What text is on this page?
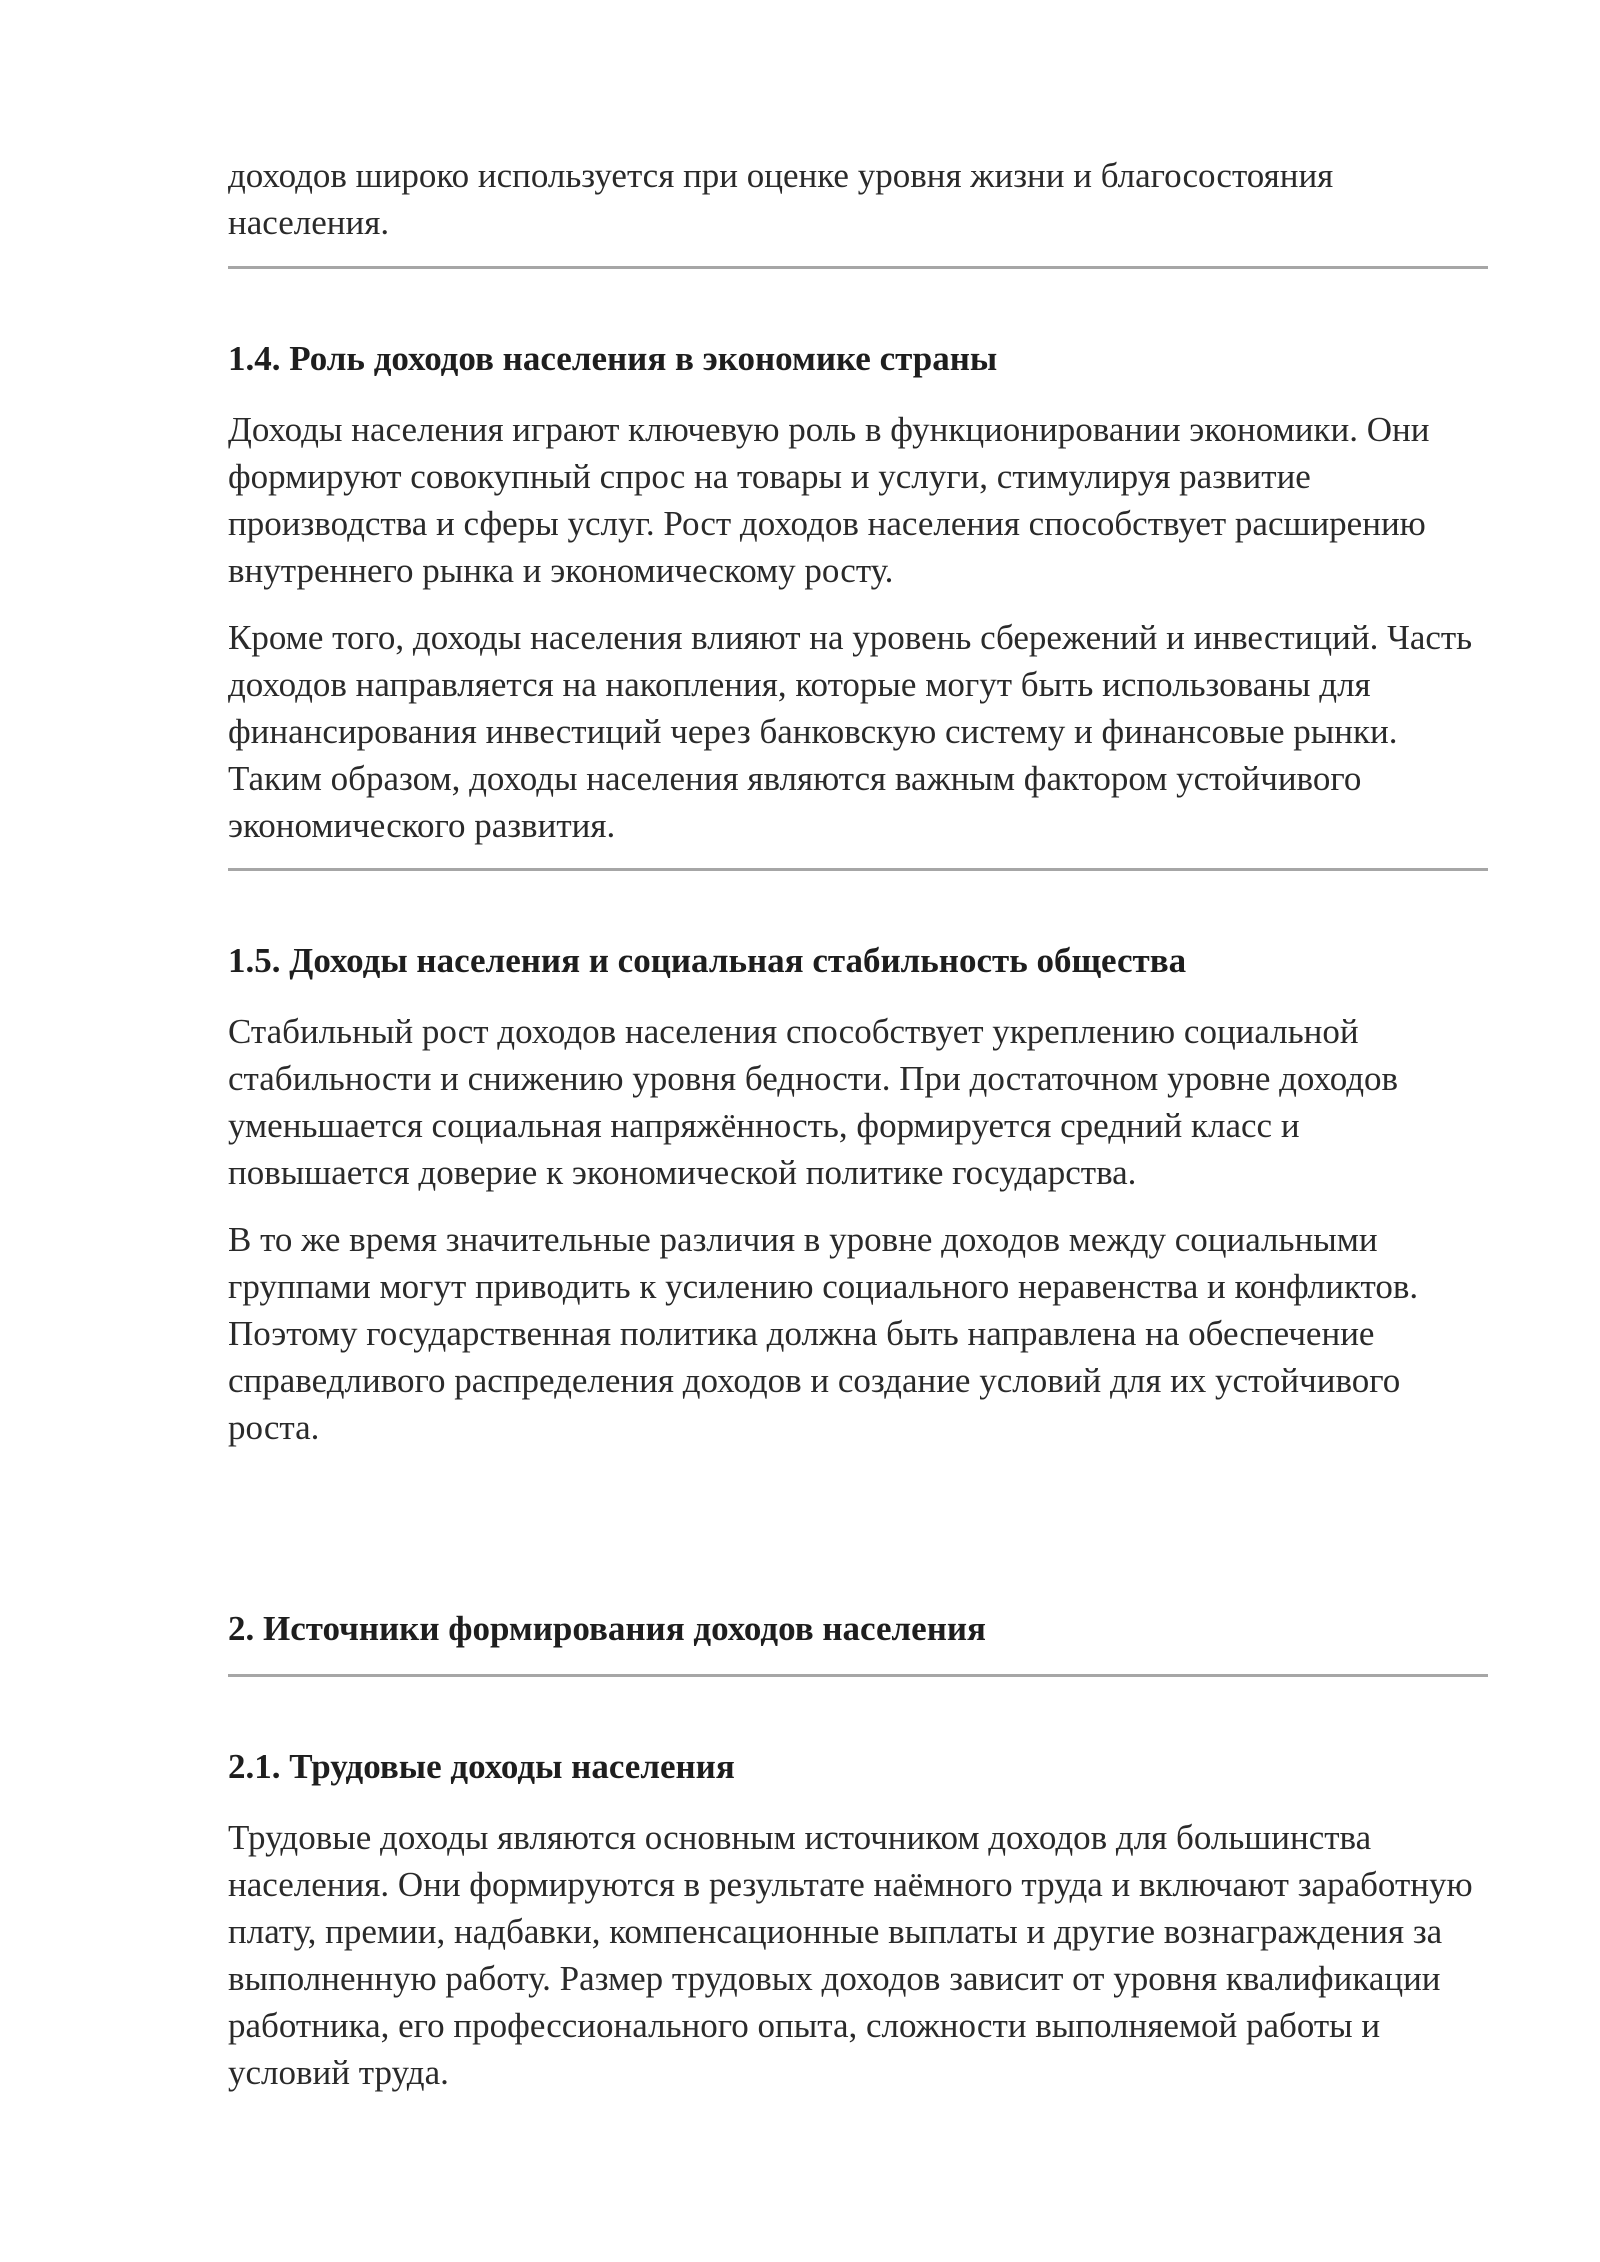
доходов широко используется при оценке уровня жизни и благосостояния населения.

1.4. Роль доходов населения в экономике страны

Доходы населения играют ключевую роль в функционировании экономики. Они формируют совокупный спрос на товары и услуги, стимулируя развитие производства и сферы услуг. Рост доходов населения способствует расширению внутреннего рынка и экономическому росту.

Кроме того, доходы населения влияют на уровень сбережений и инвестиций. Часть доходов направляется на накопления, которые могут быть использованы для финансирования инвестиций через банковскую систему и финансовые рынки. Таким образом, доходы населения являются важным фактором устойчивого экономического развития.

1.5. Доходы населения и социальная стабильность общества

Стабильный рост доходов населения способствует укреплению социальной стабильности и снижению уровня бедности. При достаточном уровне доходов уменьшается социальная напряжённость, формируется средний класс и повышается доверие к экономической политике государства.

В то же время значительные различия в уровне доходов между социальными группами могут приводить к усилению социального неравенства и конфликтов. Поэтому государственная политика должна быть направлена на обеспечение справедливого распределения доходов и создание условий для их устойчивого роста.

2. Источники формирования доходов населения
2.1. Трудовые доходы населения

Трудовые доходы являются основным источником доходов для большинства населения. Они формируются в результате наёмного труда и включают заработную плату, премии, надбавки, компенсационные выплаты и другие вознаграждения за выполненную работу. Размер трудовых доходов зависит от уровня квалификации работника, его профессионального опыта, сложности выполняемой работы и условий труда.
